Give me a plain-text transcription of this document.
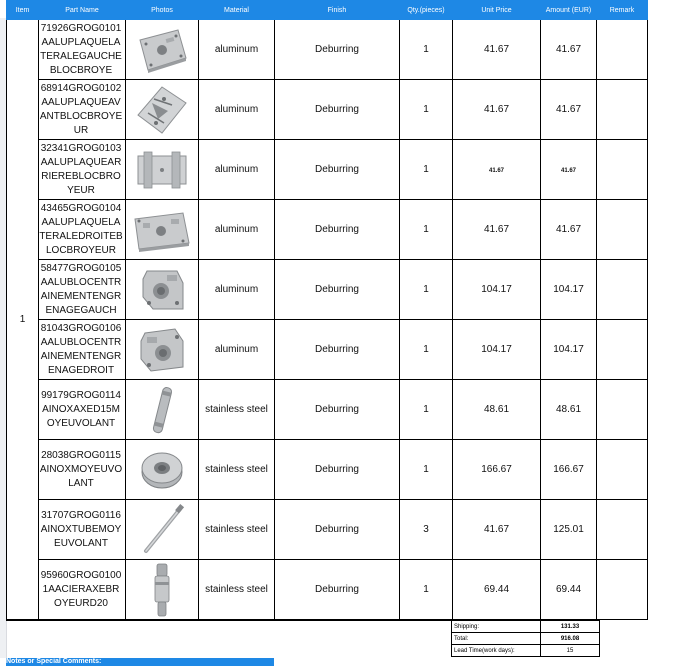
Item	Part Name	Photos	Material	Finish	Qty.(pieces)	Unit Price	Amount (EUR)	Remark
1	71926GROG0101AALUPLAQUELATERALEGAUCHEBLOCBROYE		aluminum	Deburring	1	41.67	41.67	

	68914GROG0102AALUPLAQUEAVANTBLOCBROYEUR		aluminum	Deburring	1	41.67	41.67	

	32341GROG0103AALUPLAQUEARRIEREBLOCBROYEUR		aluminum	Deburring	1	41.67	41.67	

	43465GROG0104AALUPLAQUELATERALEDROITEBLOCBROYEUR		aluminum	Deburring	1	41.67	41.67	

	58477GROG0105AALUBLOCENTRAINEMENTENGRENAGEGAUCH		aluminum	Deburring	1	104.17	104.17	

	81043GROG0106AALUBLOCENTRAINEMENTENGRENAGEDROIT		aluminum	Deburring	1	104.17	104.17	

	99179GROG0114AINOXAXED15MOYEUVOLANT		stainless steel	Deburring	1	48.61	48.61	

	28038GROG0115AINOXMOYEUVOLANT		stainless steel	Deburring	1	166.67	166.67	

	31707GROG0116AINOXTUBEMOYEUVOLANT		stainless steel	Deburring	3	41.67	125.01	

	95960GROG01001AACIERAXEBROYEURD20		stainless steel	Deburring	1	69.44	69.44	
Shipping:	131.33
Total:	916.08
Lead Time(work days):	15
Notes or Special Comments:
